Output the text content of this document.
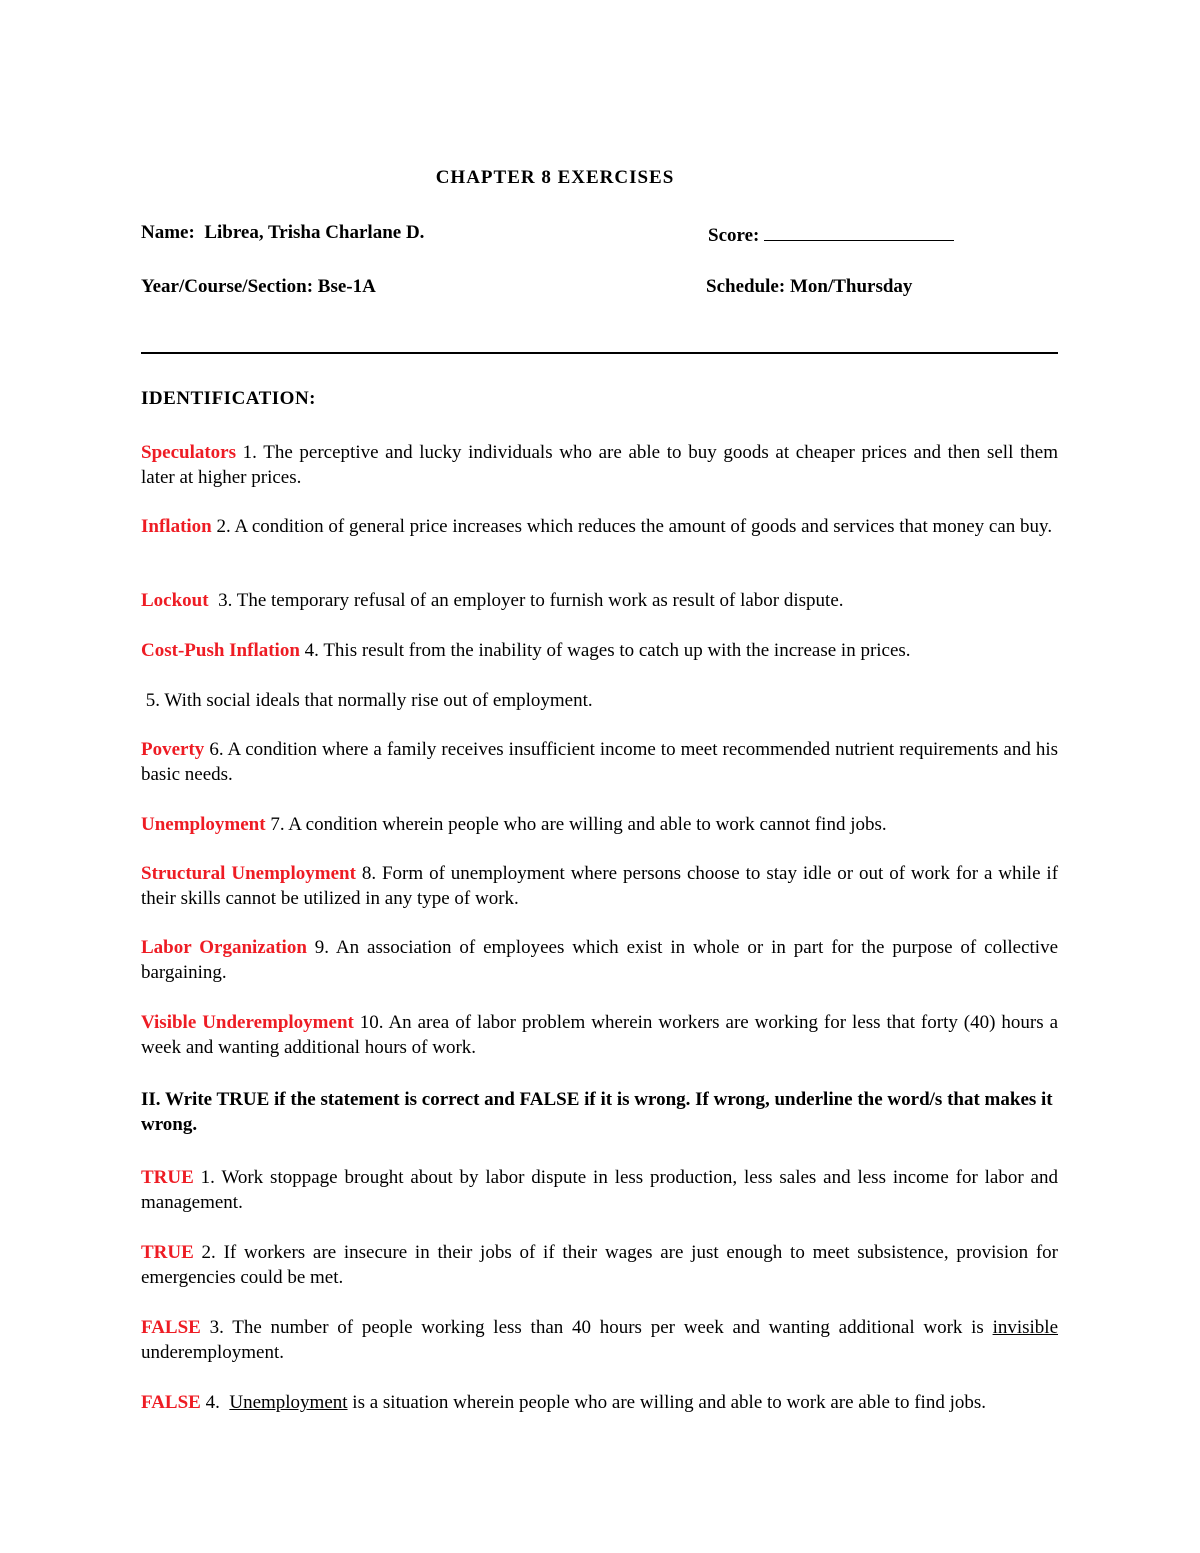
CHAPTER 8 EXERCISES
Name: Librea, Trisha Charlane D.	Score:
Year/Course/Section: Bse-1A	Schedule: Mon/Thursday
IDENTIFICATION:
Speculators 1. The perceptive and lucky individuals who are able to buy goods at cheaper prices and then sell them later at higher prices.
Inflation 2. A condition of general price increases which reduces the amount of goods and services that money can buy.
Lockout  3. The temporary refusal of an employer to furnish work as result of labor dispute.
Cost-Push Inflation 4. This result from the inability of wages to catch up with the increase in prices.
5. With social ideals that normally rise out of employment.
Poverty 6. A condition where a family receives insufficient income to meet recommended nutrient requirements and his basic needs.
Unemployment 7. A condition wherein people who are willing and able to work cannot find jobs.
Structural Unemployment 8. Form of unemployment where persons choose to stay idle or out of work for a while if their skills cannot be utilized in any type of work.
Labor Organization 9. An association of employees which exist in whole or in part for the purpose of collective bargaining.
Visible Underemployment 10. An area of labor problem wherein workers are working for less that forty (40) hours a week and wanting additional hours of work.
II. Write TRUE if the statement is correct and FALSE if it is wrong. If wrong, underline the word/s that makes it wrong.
TRUE 1. Work stoppage brought about by labor dispute in less production, less sales and less income for labor and management.
TRUE 2. If workers are insecure in their jobs of if their wages are just enough to meet subsistence, provision for emergencies could be met.
FALSE 3. The number of people working less than 40 hours per week and wanting additional work is invisible underemployment.
FALSE 4. Unemployment is a situation wherein people who are willing and able to work are able to find jobs.
